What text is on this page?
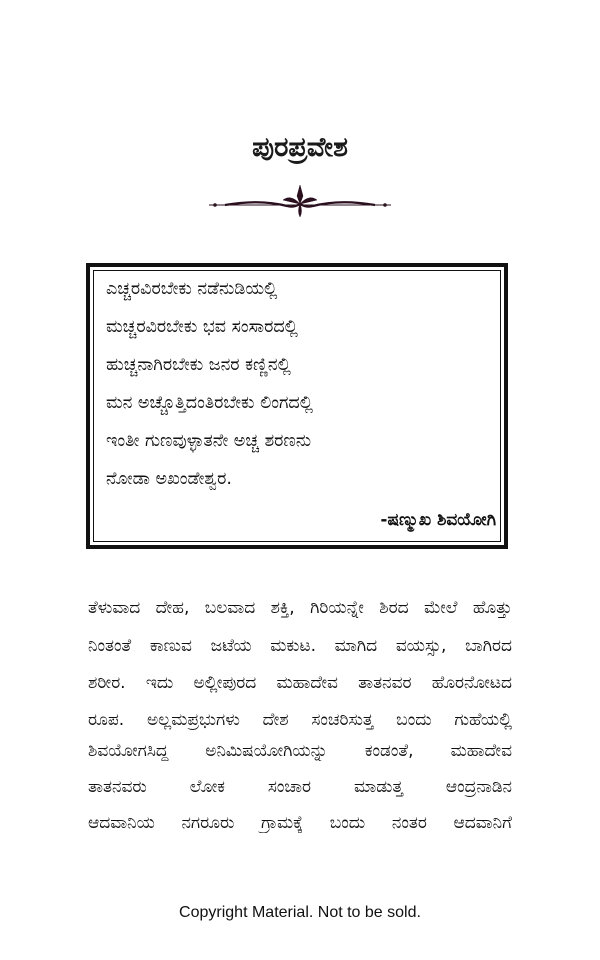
ಪುರಪ್ರವೇಶ
ಎಚ್ಚರವಿರಬೇಕು ನಡೆನುಡಿಯಲ್ಲಿ
ಮಚ್ಚರವಿರಬೇಕು ಭವ ಸಂಸಾರದಲ್ಲಿ
ಹುಚ್ಚನಾಗಿರಬೇಕು ಜನರ ಕಣ್ಣಿನಲ್ಲಿ
ಮನ ಅಚ್ಚೊತ್ತಿದಂತಿರಬೇಕು ಲಿಂಗದಲ್ಲಿ
ಇಂತೀ ಗುಣವುಳ್ಳಾತನೇ ಅಚ್ಚ ಶರಣನು
ನೋಡಾ ಅಖಂಡೇಶ್ವರ.
-ಷಣ್ಮುಖ ಶಿವಯೋಗಿ
ತೆಳುವಾದ ದೇಹ, ಬಲವಾದ ಶಕ್ತಿ, ಗಿರಿಯನ್ನೇ ಶಿರದ ಮೇಲೆ ಹೊತ್ತು
ನಿಂತಂತೆ ಕಾಣುವ ಜಟೆಯ ಮಕುಟ. ಮಾಗಿದ ವಯಸ್ಸು, ಬಾಗಿರದ
ಶರೀರ. ಇದು ಅಲ್ಲೀಪುರದ ಮಹಾದೇವ ತಾತನವರ ಹೊರನೋಟದ
ರೂಪ. ಅಲ್ಲಮಪ್ರಭುಗಳು ದೇಶ ಸಂಚರಿಸುತ್ತ ಬಂದು ಗುಹೆಯಲ್ಲಿ
ಶಿವಯೋಗಸಿದ್ಧ ಅನಿಮಿಷಯೋಗಿಯನ್ನು ಕಂಡಂತೆ, ಮಹಾದೇವ
ತಾತನವರು ಲೋಕ ಸಂಚಾರ ಮಾಡುತ್ತ ಆಂದ್ರನಾಡಿನ
ಆದವಾನಿಯ ನಗರೂರು ಗ್ರಾಮಕ್ಕೆ ಬಂದು ನಂತರ ಆದವಾನಿಗೆ
Copyright Material. Not to be sold.
